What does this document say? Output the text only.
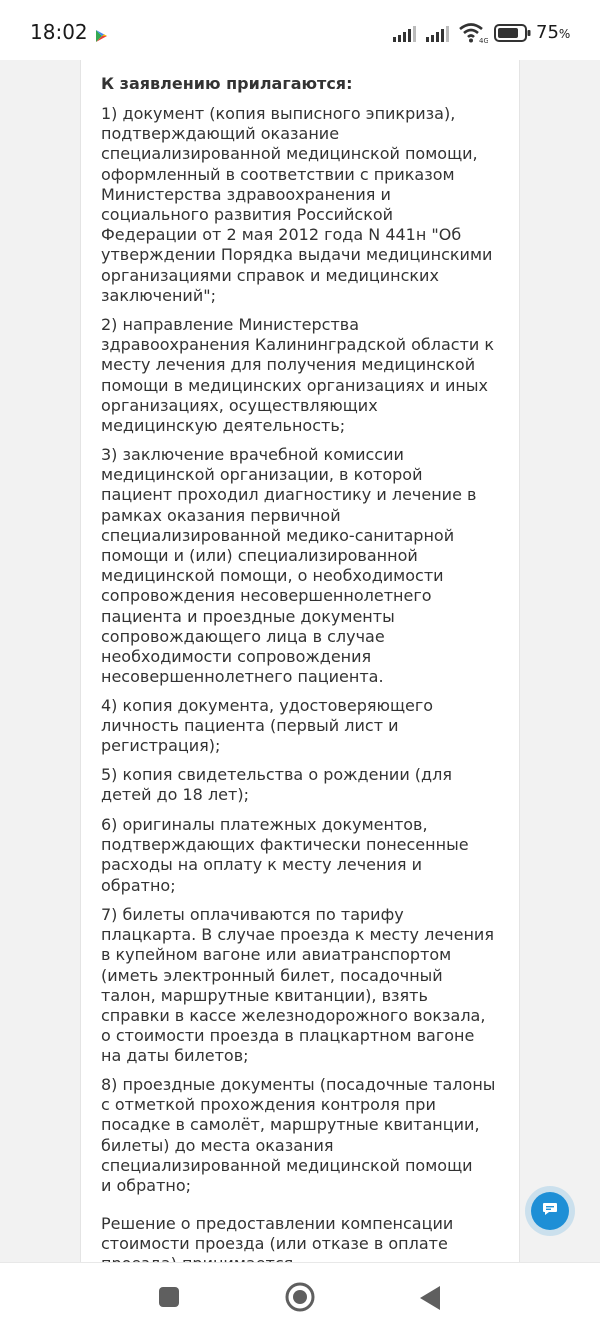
18:02	4G	75%

К заявлению прилагаются:

1) документ (копия выписного эпикриза),
подтверждающий оказание
специализированной медицинской помощи,
оформленный в соответствии с приказом
Министерства здравоохранения и
социального развития Российской
Федерации от 2 мая 2012 года N 441н "Об
утверждении Порядка выдачи медицинскими
организациями справок и медицинских
заключений";

2) направление Министерства
здравоохранения Калининградской области к
месту лечения для получения медицинской
помощи в медицинских организациях и иных
организациях, осуществляющих
медицинскую деятельность;

3) заключение врачебной комиссии
медицинской организации, в которой
пациент проходил диагностику и лечение в
рамках оказания первичной
специализированной медико-санитарной
помощи и (или) специализированной
медицинской помощи, о необходимости
сопровождения несовершеннолетнего
пациента и проездные документы
сопровождающего лица в случае
необходимости сопровождения
несовершеннолетнего пациента.

4) копия документа, удостоверяющего
личность пациента (первый лист и
регистрация);

5) копия свидетельства о рождении (для
детей до 18 лет);

6) оригиналы платежных документов,
подтверждающих фактически понесенные
расходы на оплату к месту лечения и
обратно;

7) билеты оплачиваются по тарифу
плацкарта. В случае проезда к месту лечения
в купейном вагоне или авиатранспортом
(иметь электронный билет, посадочный
талон, маршрутные квитанции), взять
справки в кассе железнодорожного вокзала,
о стоимости проезда в плацкартном вагоне
на даты билетов;

8) проездные документы (посадочные талоны
с отметкой прохождения контроля при
посадке в самолёт, маршрутные квитанции,
билеты) до места оказания
специализированной медицинской помощи
и обратно;

Решение о предоставлении компенсации
стоимости проезда (или отказе в оплате
